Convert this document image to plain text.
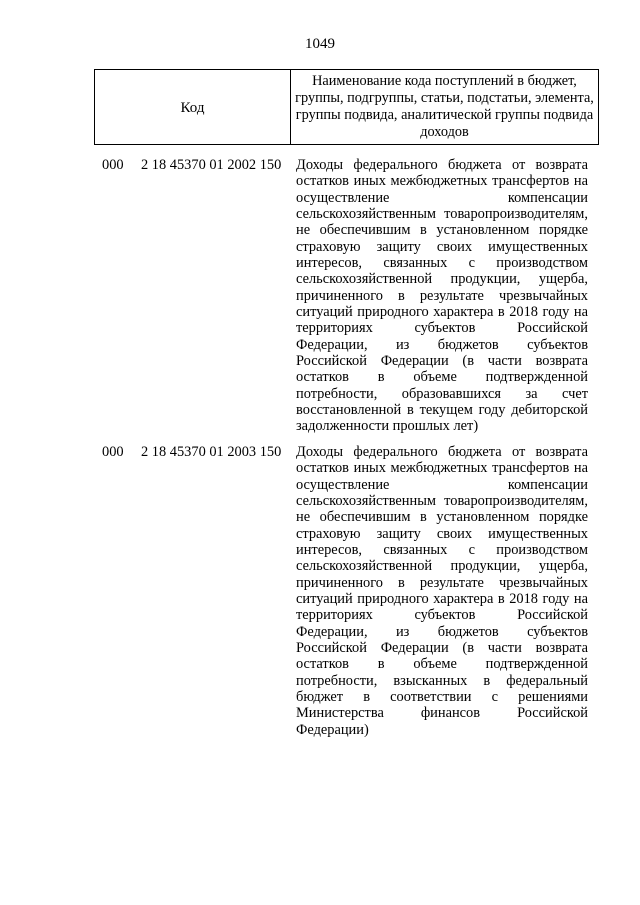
1049
Код
Наименование кода поступлений в бюджет, группы, подгруппы, статьи, подстатьи, элемента, группы подвида, аналитической группы подвида доходов
000 2 18 45370 01 2002 150 Доходы федерального бюджета от возврата
остатков иных межбюджетных трансфертов на
осуществление компенсации
сельскохозяйственным товаропроизводителям,
не обеспечившим в установленном порядке
страховую защиту своих имущественных
интересов, связанных с производством
сельскохозяйственной продукции, ущерба,
причиненного в результате чрезвычайных
ситуаций природного характера в 2018 году на
территориях субъектов Российской
Федерации, из бюджетов субъектов
Российской Федерации (в части возврата
остатков в объеме подтвержденной
потребности, образовавшихся за счет
восстановленной в текущем году дебиторской
задолженности прошлых лет)
000 2 18 45370 01 2003 150 Доходы федерального бюджета от возврата
остатков иных межбюджетных трансфертов на
осуществление компенсации
сельскохозяйственным товаропроизводителям,
не обеспечившим в установленном порядке
страховую защиту своих имущественных
интересов, связанных с производством
сельскохозяйственной продукции, ущерба,
причиненного в результате чрезвычайных
ситуаций природного характера в 2018 году на
территориях субъектов Российской
Федерации, из бюджетов субъектов
Российской Федерации (в части возврата
остатков в объеме подтвержденной
потребности, взысканных в федеральный
бюджет в соответствии с решениями
Министерства финансов Российской
Федерации)
